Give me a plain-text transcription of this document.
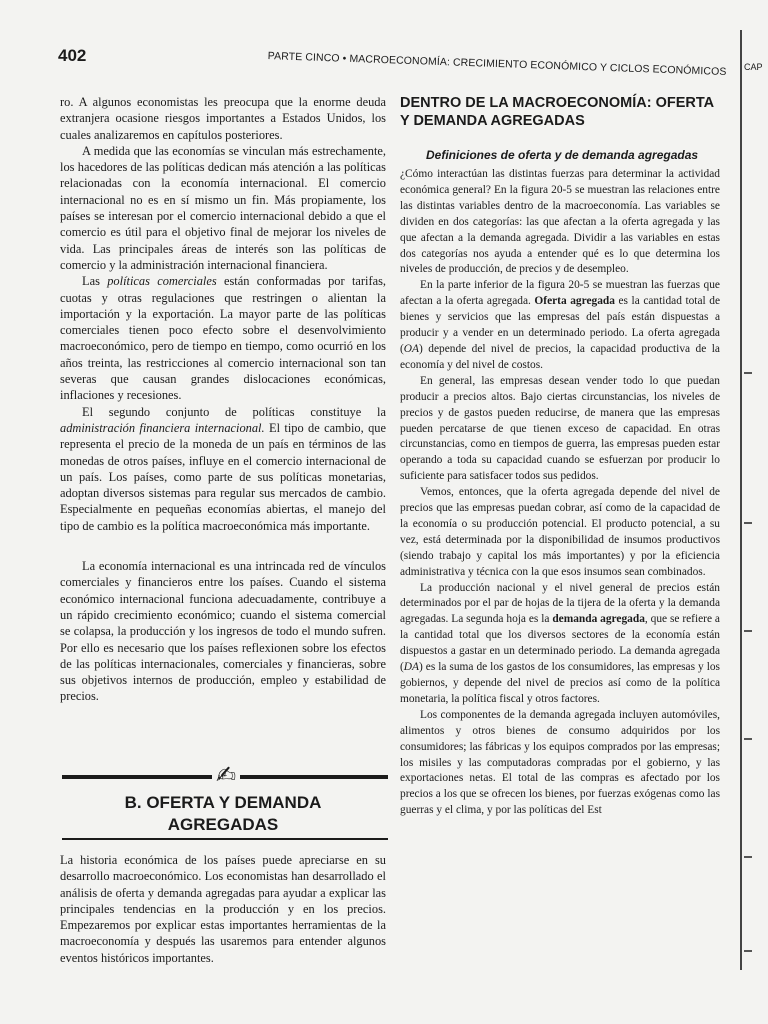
402	PARTE CINCO • MACROECONOMÍA: CRECIMIENTO ECONÓMICO Y CICLOS ECONÓMICOS CAP

ro. A algunos economistas les preocupa que la enorme deuda extranjera ocasione riesgos importantes a Estados Unidos, los cuales analizaremos en capítulos posteriores.

A medida que las economías se vinculan más estrechamente, los hacedores de las políticas dedican más atención a las políticas relacionadas con la economía internacional. El comercio internacional no es en sí mismo un fin. Más propiamente, los países se interesan por el comercio internacional debido a que el comercio es útil para el objetivo final de mejorar los niveles de vida. Las principales áreas de interés son las políticas de comercio y la administración internacional financiera.

Las políticas comerciales están conformadas por tarifas, cuotas y otras regulaciones que restringen o alientan la importación y la exportación. La mayor parte de las políticas comerciales tienen poco efecto sobre el desenvolvimiento macroeconómico, pero de tiempo en tiempo, como ocurrió en los años treinta, las restricciones al comercio internacional son tan severas que causan grandes dislocaciones económicas, inflaciones y recesiones.

El segundo conjunto de políticas constituye la administración financiera internacional. El tipo de cambio, que representa el precio de la moneda de un país en términos de las monedas de otros países, influye en el comercio internacional de un país. Los países, como parte de sus políticas monetarias, adoptan diversos sistemas para regular sus mercados de cambio. Especialmente en pequeñas economías abiertas, el manejo del tipo de cambio es la política macroeconómica más importante.

La economía internacional es una intrincada red de vínculos comerciales y financieros entre los países. Cuando el sistema económico internacional funciona adecuadamente, contribuye a un rápido crecimiento económico; cuando el sistema comercial se colapsa, la producción y los ingresos de todo el mundo sufren. Por ello es necesario que los países reflexionen sobre los efectos de las políticas internacionales, comerciales y financieras, sobre sus objetivos internos de producción, empleo y estabilidad de precios.

✍
B. OFERTA Y DEMANDA
AGREGADAS

La historia económica de los países puede apreciarse en su desarrollo macroeconómico. Los economistas han desarrollado el análisis de oferta y demanda agregadas para ayudar a explicar las principales tendencias en la producción y en los precios. Empezaremos por explicar estas importantes herramientas de la macroeconomía y después las usaremos para entender algunos eventos históricos importantes.

DENTRO DE LA MACROECONOMÍA: OFERTA Y DEMANDA AGREGADAS
Definiciones de oferta y de demanda agregadas

¿Cómo interactúan las distintas fuerzas para determinar la actividad económica general? En la figura 20-5 se muestran las relaciones entre las distintas variables dentro de la macroeconomía. Las variables se dividen en dos categorías: las que afectan a la oferta agregada y las que afectan a la demanda agregada. Dividir a las variables en estas dos categorías nos ayuda a entender qué es lo que determina los niveles de producción, de precios y de desempleo.

En la parte inferior de la figura 20-5 se muestran las fuerzas que afectan a la oferta agregada. Oferta agregada es la cantidad total de bienes y servicios que las empresas del país están dispuestas a producir y a vender en un determinado periodo. La oferta agregada (OA) depende del nivel de precios, la capacidad productiva de la economía y del nivel de costos.

En general, las empresas desean vender todo lo que puedan producir a precios altos. Bajo ciertas circunstancias, los niveles de precios y de gastos pueden reducirse, de manera que las empresas pueden percatarse de que tienen exceso de capacidad. En otras circunstancias, como en tiempos de guerra, las empresas pueden estar operando a toda su capacidad cuando se esfuerzan por producir lo suficiente para satisfacer todos sus pedidos.

Vemos, entonces, que la oferta agregada depende del nivel de precios que las empresas puedan cobrar, así como de la capacidad de la economía o su producción potencial. El producto potencial, a su vez, está determinada por la disponibilidad de insumos productivos (siendo trabajo y capital los más importantes) y por la eficiencia administrativa y técnica con la que esos insumos sean combinados.

La producción nacional y el nivel general de precios están determinados por el par de hojas de la tijera de la oferta y la demanda agregadas. La segunda hoja es la demanda agregada, que se refiere a la cantidad total que los diversos sectores de la economía están dispuestos a gastar en un determinado periodo. La demanda agregada (DA) es la suma de los gastos de los consumidores, las empresas y los gobiernos, y depende del nivel de precios así como de la política monetaria, la política fiscal y otros factores.

Los componentes de la demanda agregada incluyen automóviles, alimentos y otros bienes de consumo adquiridos por los consumidores; las fábricas y los equipos comprados por las empresas; los misiles y las computadoras compradas por el gobierno, y las exportaciones netas. El total de las compras es afectado por los precios a los que se ofrecen los bienes, por fuerzas exógenas como las guerras y el clima, y por las políticas del Est
